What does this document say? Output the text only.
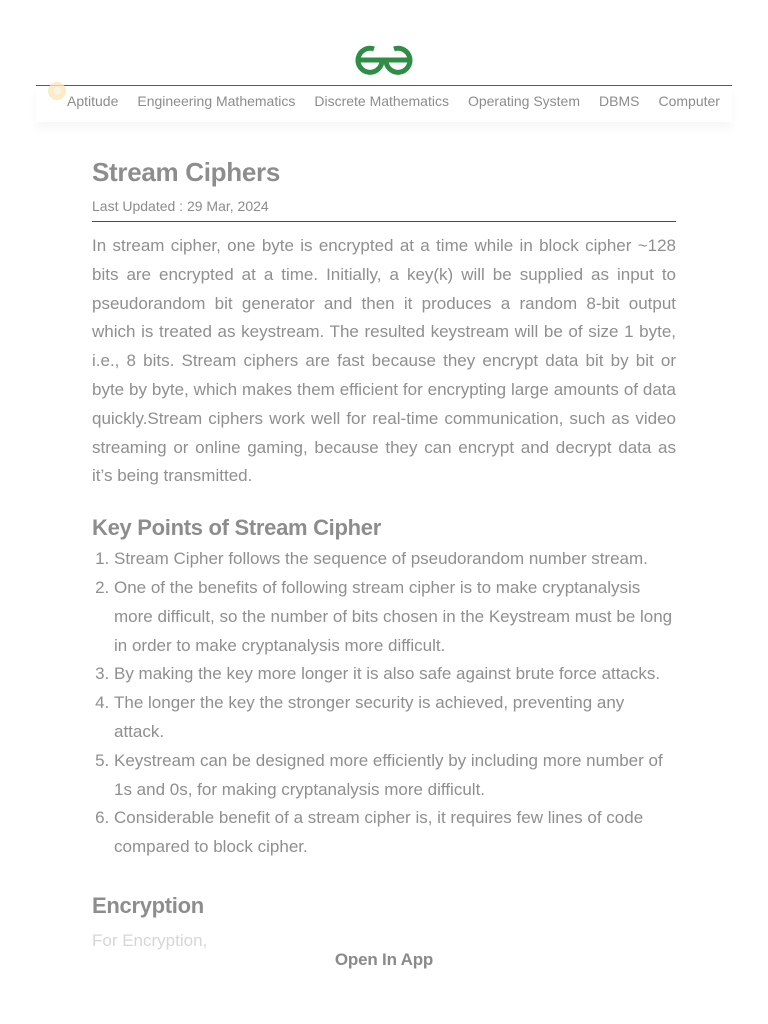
Aptitude Engineering Mathematics Discrete Mathematics Operating System DBMS Computer
Stream Ciphers
Last Updated : 29 Mar, 2024

In stream cipher, one byte is encrypted at a time while in block cipher ~128 bits are encrypted at a time. Initially, a key(k) will be supplied as input to pseudorandom bit generator and then it produces a random 8-bit output which is treated as keystream. The resulted keystream will be of size 1 byte, i.e., 8 bits. Stream ciphers are fast because they encrypt data bit by bit or byte by byte, which makes them efficient for encrypting large amounts of data quickly.Stream ciphers work well for real-time communication, such as video streaming or online gaming, because they can encrypt and decrypt data as it’s being transmitted.

Key Points of Stream Cipher
1. Stream Cipher follows the sequence of pseudorandom number stream.
2. One of the benefits of following stream cipher is to make cryptanalysis more difficult, so the number of bits chosen in the Keystream must be long in order to make cryptanalysis more difficult.
3. By making the key more longer it is also safe against brute force attacks.
4. The longer the key the stronger security is achieved, preventing any attack.
5. Keystream can be designed more efficiently by including more number of 1s and 0s, for making cryptanalysis more difficult.
6. Considerable benefit of a stream cipher is, it requires few lines of code compared to block cipher.
Encryption
For Encryption,
Open In App
